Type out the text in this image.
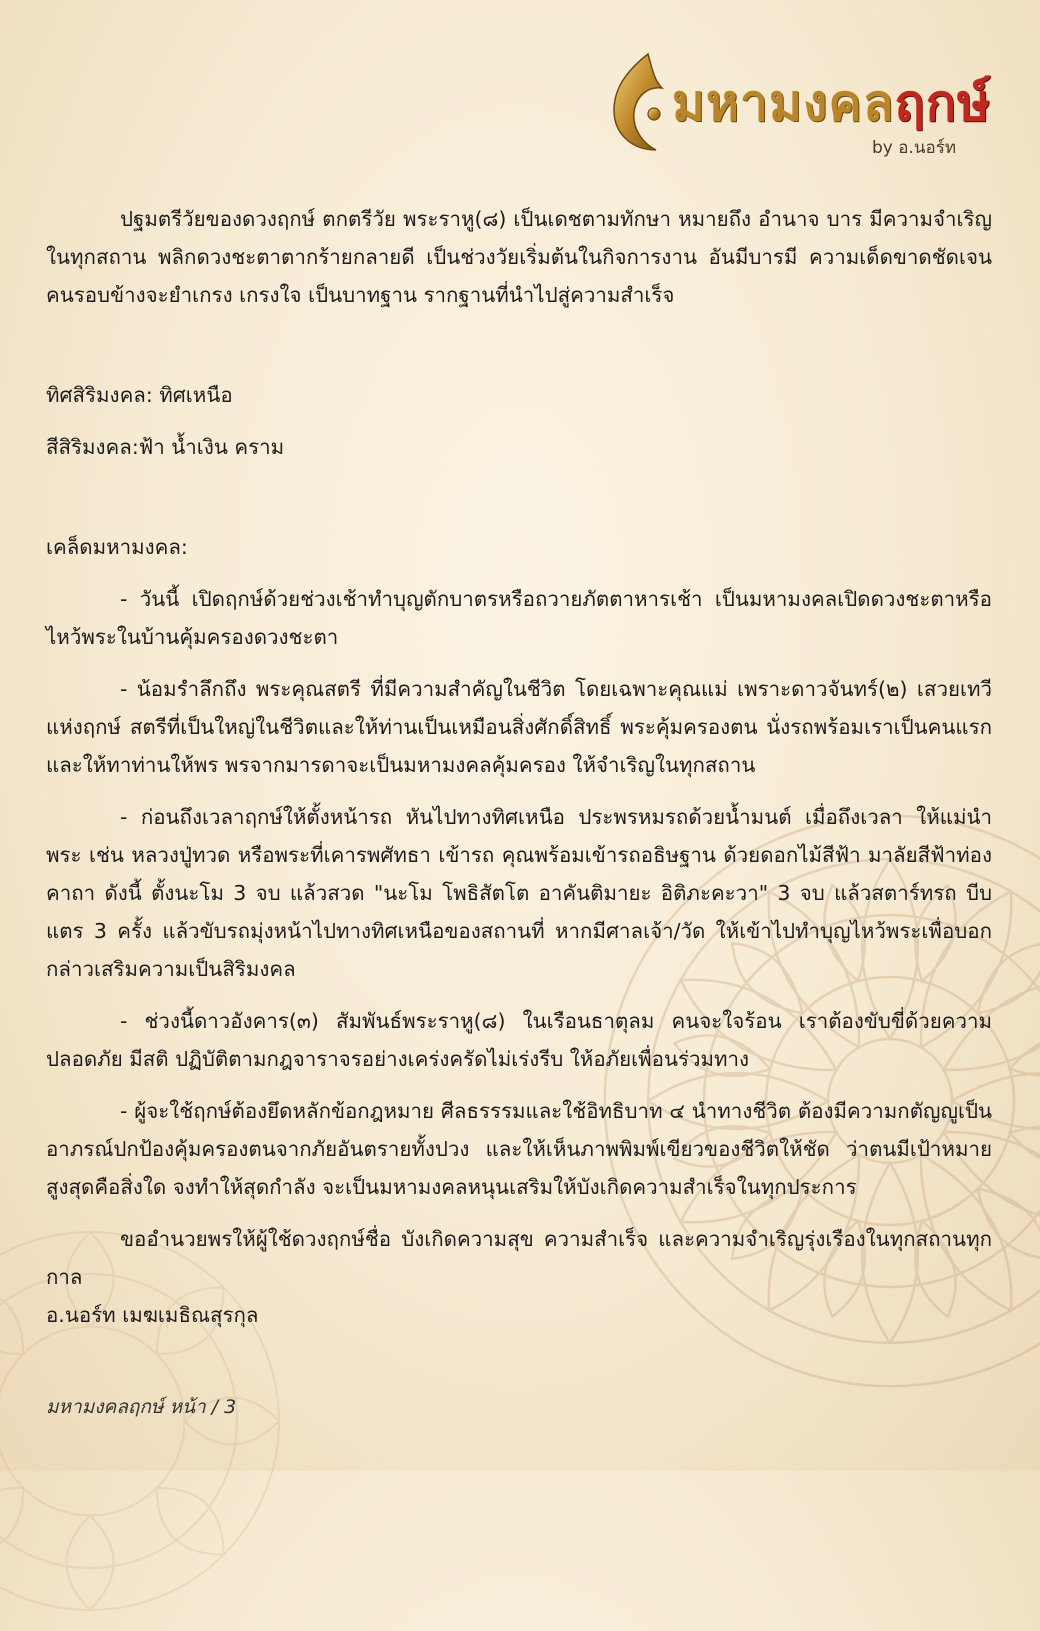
มหามงคลฤกษ์
by อ.นอร์ท

ปฐมตรีวัยของดวงฤกษ์ ตกตรีวัย พระราหู(๘) เป็นเดชตามทักษา หมายถึง อำนาจ บาร มีความจำเริญในทุกสถาน พลิกดวงชะตาตากร้ายกลายดี เป็นช่วงวัยเริ่มต้นในกิจการงาน อันมีบารมี ความเด็ดขาดชัดเจน คนรอบข้างจะยำเกรง เกรงใจ เป็นบาทฐาน รากฐานที่นำไปสู่ความสำเร็จ

ทิศสิริมงคล: ทิศเหนือ

สีสิริมงคล:ฟ้า น้ำเงิน คราม

เคล็ดมหามงคล:

- วันนี้ เปิดฤกษ์ด้วยช่วงเช้าทำบุญตักบาตรหรือถวายภัตตาหารเช้า เป็นมหามงคลเปิดดวงชะตาหรือไหว้พระในบ้านคุ้มครองดวงชะตา

- น้อมรำลึกถึง พระคุณสตรี ที่มีความสำคัญในชีวิต โดยเฉพาะคุณแม่ เพราะดาวจันทร์(๒) เสวยเทวีแห่งฤกษ์ สตรีที่เป็นใหญ่ในชีวิตและให้ท่านเป็นเหมือนสิ่งศักดิ์สิทธิ์ พระคุ้มครองตน นั่งรถพร้อมเราเป็นคนแรก และให้ทาท่านให้พร พรจากมารดาจะเป็นมหามงคลคุ้มครอง ให้จำเริญในทุกสถาน

- ก่อนถึงเวลาฤกษ์ให้ตั้งหน้ารถ หันไปทางทิศเหนือ ประพรหมรถด้วยน้ำมนต์ เมื่อถึงเวลา ให้แม่นำพระ เช่น หลวงปู่ทวด หรือพระที่เคารพศัทธา เข้ารถ คุณพร้อมเข้ารถอธิษฐาน ด้วยดอกไม้สีฟ้า มาลัยสีฟ้าท่องคาถา ดังนี้ ตั้งนะโม 3 จบ แล้วสวด "นะโม โพธิสัตโต อาคันติมายะ อิติภะคะวา" 3 จบ แล้วสตาร์ทรถ บีบแตร 3 ครั้ง แล้วขับรถมุ่งหน้าไปทางทิศเหนือของสถานที่ หากมีศาลเจ้า/วัด ให้เข้าไปทำบุญไหว้พระเพื่อบอกกล่าวเสริมความเป็นสิริมงคล

- ช่วงนี้ดาวอังคาร(๓) สัมพันธ์พระราหู(๘) ในเรือนธาตุลม คนจะใจร้อน เราต้องขับขี่ด้วยความปลอดภัย มีสติ ปฏิบัติตามกฎจาราจรอย่างเคร่งครัดไม่เร่งรีบ ให้อภัยเพื่อนร่วมทาง

- ผู้จะใช้ฤกษ์ต้องยึดหลักข้อกฎหมาย ศีลธรรรมและใช้อิทธิบาท ๔ นำทางชีวิต ต้องมีความกตัญญูเป็นอาภรณ์ปกป้องคุ้มครองตนจากภัยอันตรายทั้งปวง และให้เห็นภาพพิมพ์เขียวของชีวิตให้ชัด ว่าตนมีเป้าหมายสูงสุดคือสิ่งใด จงทำให้สุดกำลัง จะเป็นมหามงคลหนุนเสริมให้บังเกิดความสำเร็จในทุกประการ

ขออำนวยพรให้ผู้ใช้ดวงฤกษ์ชื่อ บังเกิดความสุข ความสำเร็จ และความจำเริญรุ่งเรืองในทุกสถานทุกกาล

อ.นอร์ท เมฆเมธิณสุรกุล

มหามงคลฤกษ์ หน้า / 3
